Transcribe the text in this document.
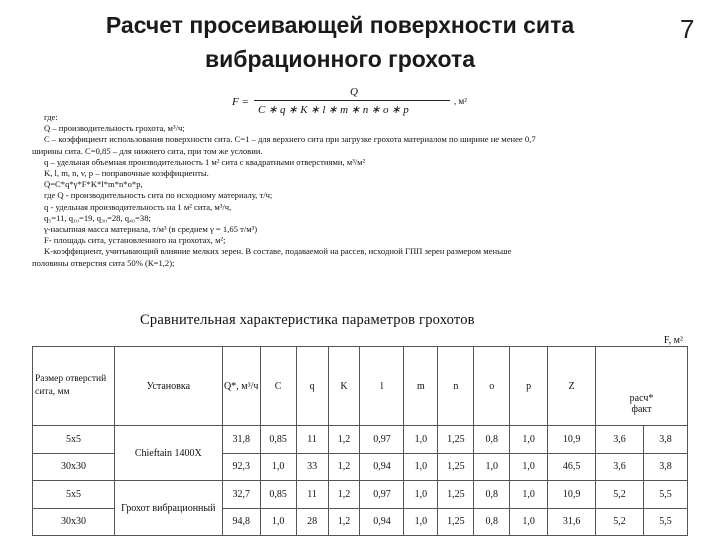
Расчет просеивающей поверхности сита вибрационного грохота
7
F =
Q
C ∗ q ∗ K ∗ l ∗ m ∗ n ∗ o ∗ p
, м²
где:
Q – производительность грохота, м³/ч;
С – коэффициент использования поверхности сита. С=1 – для верхнего сита при загрузке грохота материалом по ширине не менее 0,7
ширины сита. С=0,85 – для нижнего сита, при том же условии.
q – удельная объемная производительность 1 м² сита с квадратными отверстиями, м³/м²
K, l, m, n, v, p – поправочные коэффициенты.
Q=C*q*γ*F*K*l*m*n*o*p,
где Q - производительность сита по исходному материалу, т/ч;
q - удельная производительность на 1 м² сита, м³/ч,
q₅=11, q₁₀=19, q₃₀=28, q₄₀=38;
γ-насыпная масса материала, т/м³ (в среднем γ = 1,65 т/м³)
F- площадь сита, установленного на грохотах, м²;
K-коэффициент, учитывающий влияние мелких зерен. В составе, подаваемой на рассев, исходной ГПП зерен размером меньше
половины отверстия сита 50% (К=1,2);
Сравнительная характеристика параметров грохотов
Размер отверстий сита, мм	Установка	Q*, м³/ч	C	q	K	l	m	n	o	p	Z	F, м²
расч* факт	
5х5	Chieftain 1400X	31,8	0,85	11	1,2	0,97	1,0	1,25	0,8	1,0	10,9	3,6	3,8
30х30		92,3	1,0	33	1,2	0,94	1,0	1,25	1,0	1,0	46,5	3,6	3,8
5х5	Грохот вибрационный	32,7	0,85	11	1,2	0,97	1,0	1,25	0,8	1,0	10,9	5,2	5,5
30х30		94,8	1,0	28	1,2	0,94	1,0	1,25	0,8	1,0	31,6	5,2	5,5
